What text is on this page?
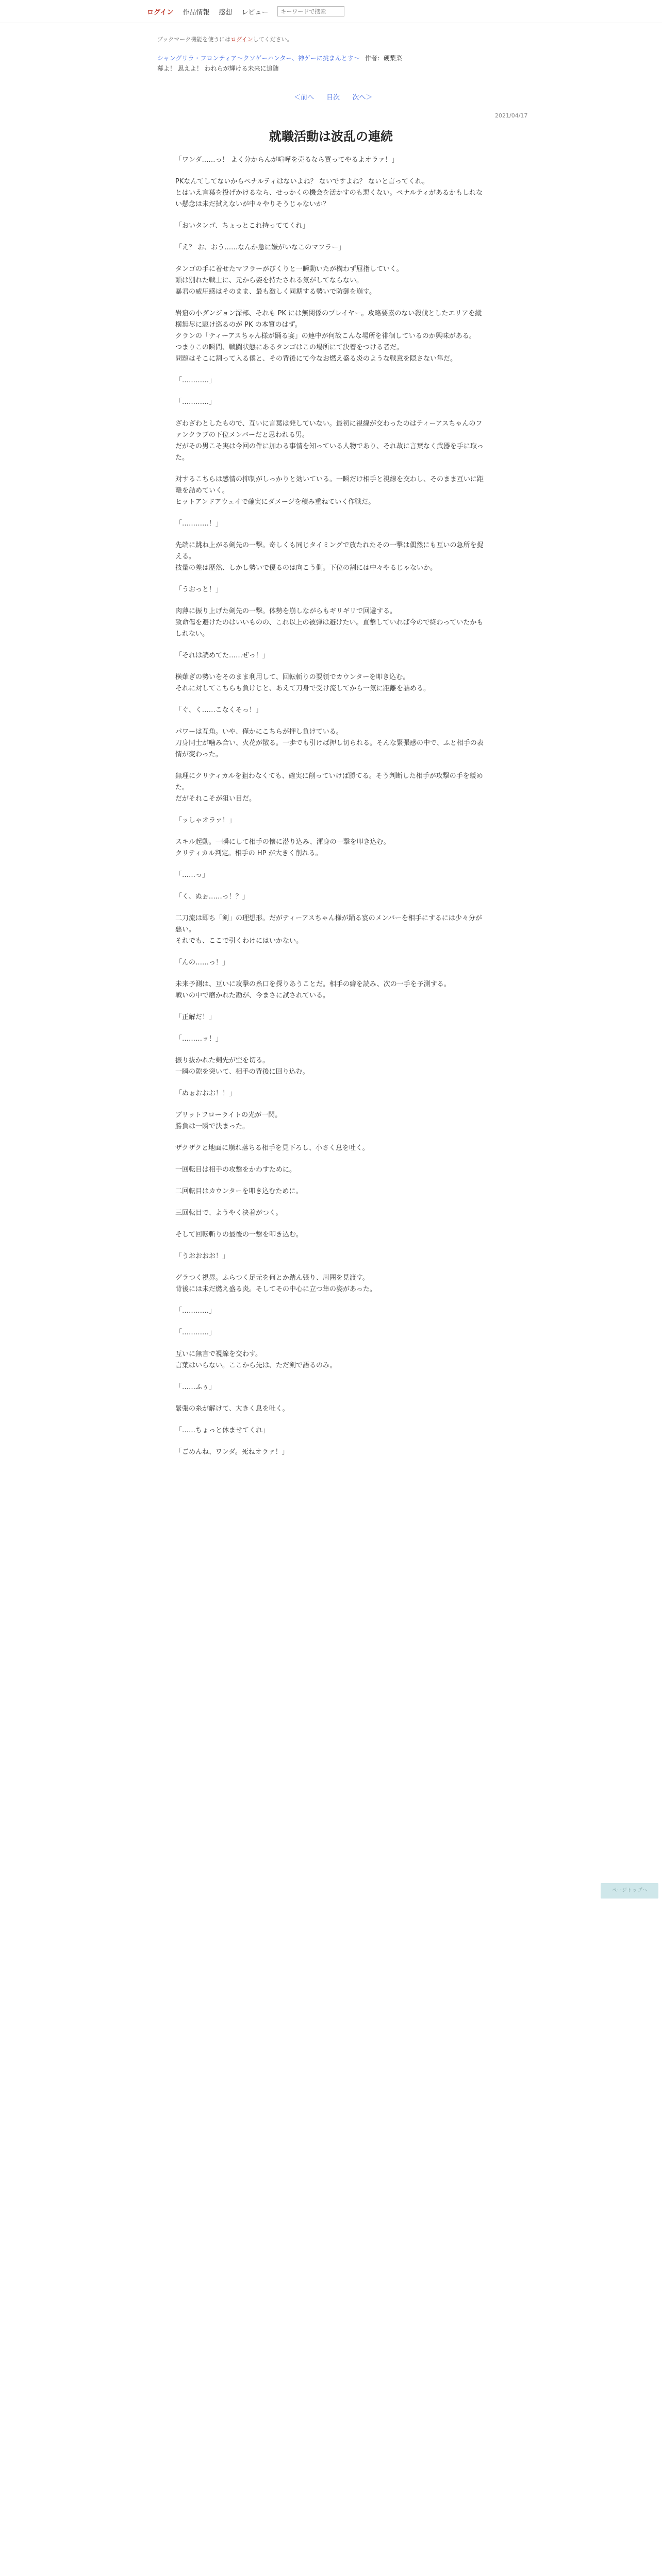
ログイン 作品情報 感想 レビュー
キーワードで捜索
ブックマーク機能を使うにはログインしてください。
シャングリラ・フロンティア〜クソゲーハンター、神ゲーに挑まんとす〜 作者：硬梨菜
幕よ！ 思えよ！ われらが輝ける未来に追随
＜前へ 目次 次へ＞
2021/04/17
就職活動は波乱の連続

「ワンダ……っ！ よく分からんが喧嘩を売るなら買ってやるよオラァ！」

PKなんてしてないからペナルティはないよね？ ないですよね？ ないと言ってくれ。
とはいえ言葉を投げかけるなら、せっかくの機会を活かすのも悪くない。ペナルティがあるかもしれない懸念は未だ拭えないが中々やりそうじゃないか？

「おいタンゴ、ちょっとこれ持っててくれ」

「え？ お、おう……なんか急に嫌がいなこのマフラー」

タンゴの手に着せたマフラーがびくりと一瞬動いたが構わず屈指していく。
頭は別れた戦士に、元から姿を持たされる気がしてならない。
暴君の威圧感はそのまま、最も激しく同期する勢いで防御を崩す。

岩窟の小ダンジョン深部、それも PK には無関係のプレイヤー。攻略要素のない殺伐としたエリアを縦横無尽に駆け巡るのが PK の本質のはず。
クランの「ティーアスちゃん様が踊る宴」の連中が何故こんな場所を徘徊しているのか興味がある。
つまりこの瞬間、戦闘状態にあるタンゴはこの場所にて決着をつける者だ。
問題はそこに割って入る僕と、その背後にて今なお燃え盛る炎のような戦意を隠さない隼だ。

「…………」

「…………」

ざわざわとしたもので、互いに言葉は発していない。最初に視線が交わったのはティーアスちゃんのファンクラブの下位メンバーだと思われる男。
だがその男こそ実は今回の件に加わる事情を知っている人物であり、それ故に言葉なく武器を手に取った。

対するこちらは感情の抑制がしっかりと効いている。一瞬だけ相手と視線を交わし、そのまま互いに距離を詰めていく。
ヒットアンドアウェイで確実にダメージを積み重ねていく作戦だ。

「…………！」

先端に跳ね上がる剣先の一撃。奇しくも同じタイミングで放たれたその一撃は偶然にも互いの急所を捉える。
技量の差は歴然、しかし勢いで優るのは向こう側。下位の割には中々やるじゃないか。

「うおっと！」

肉薄に振り上げた剣先の一撃。体勢を崩しながらもギリギリで回避する。
致命傷を避けたのはいいものの、これ以上の被弾は避けたい。直撃していれば今ので終わっていたかもしれない。

「それは読めてた……ぜっ！」

横薙ぎの勢いをそのまま利用して、回転斬りの要領でカウンターを叩き込む。
それに対してこちらも負けじと、あえて刀身で受け流してから一気に距離を詰める。

「ぐ、く……こなくそっ！」

パワーは互角。いや、僅かにこちらが押し負けている。
刀身同士が噛み合い、火花が散る。一歩でも引けば押し切られる。そんな緊張感の中で、ふと相手の表情が変わった。

無理にクリティカルを狙わなくても、確実に削っていけば勝てる。そう判断した相手が攻撃の手を緩めた。
だがそれこそが狙い目だ。

「ッしゃオラァ！」

スキル起動。一瞬にして相手の懐に潜り込み、渾身の一撃を叩き込む。
クリティカル判定。相手の HP が大きく削れる。

「……っ」

「く、ぬぉ……っ！？」

二刀流は即ち「剣」の理想形。だがティーアスちゃん様が踊る宴のメンバーを相手にするには少々分が悪い。
それでも、ここで引くわけにはいかない。

「んの……っ！」

未来予測は、互いに攻撃の糸口を探りあうことだ。相手の癖を読み、次の一手を予測する。
戦いの中で磨かれた勘が、今まさに試されている。

「正解だ！」

「………ッ！」

振り抜かれた剣先が空を切る。
一瞬の隙を突いて、相手の背後に回り込む。

「ぬぉおおお！！」

ブリットフローライトの光が一閃。
勝負は一瞬で決まった。

ザクザクと地面に崩れ落ちる相手を見下ろし、小さく息を吐く。

一回転目は相手の攻撃をかわすために。

二回転目はカウンターを叩き込むために。

三回転目で、ようやく決着がつく。

そして回転斬りの最後の一撃を叩き込む。

「うおおおお！」

グラつく視界。ふらつく足元を何とか踏ん張り、周囲を見渡す。
背後には未だ燃え盛る炎。そしてその中心に立つ隼の姿があった。

「…………」

「…………」

互いに無言で視線を交わす。
言葉はいらない。ここから先は、ただ剣で語るのみ。

「……ふぅ」

緊張の糸が解けて、大きく息を吐く。

「……ちょっと休ませてくれ」

「ごめんね、ワンダ。死ねオラァ！」

ページトップへ
